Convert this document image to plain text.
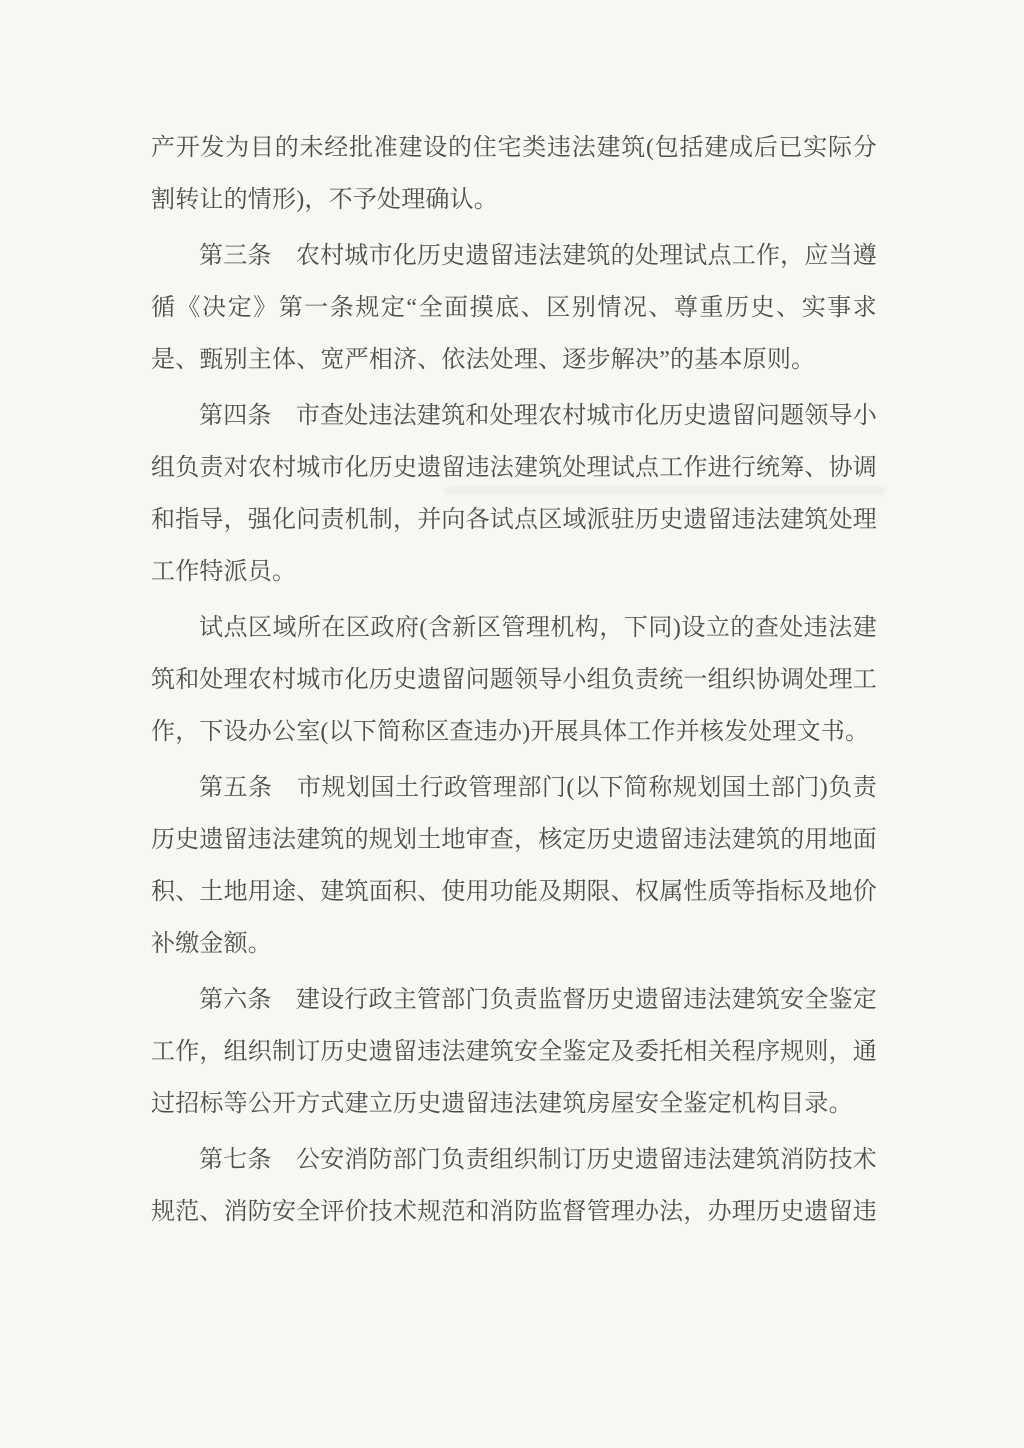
产开发为目的未经批准建设的住宅类违法建筑(包括建成后已实际分割转让的情形)，不予处理确认。

第三条　农村城市化历史遗留违法建筑的处理试点工作，应当遵循《决定》第一条规定“全面摸底、区别情况、尊重历史、实事求是、甄别主体、宽严相济、依法处理、逐步解决”的基本原则。

第四条　市查处违法建筑和处理农村城市化历史遗留问题领导小组负责对农村城市化历史遗留违法建筑处理试点工作进行统筹、协调和指导，强化问责机制，并向各试点区域派驻历史遗留违法建筑处理工作特派员。

试点区域所在区政府(含新区管理机构，下同)设立的查处违法建筑和处理农村城市化历史遗留问题领导小组负责统一组织协调处理工作，下设办公室(以下简称区查违办)开展具体工作并核发处理文书。

第五条　市规划国土行政管理部门(以下简称规划国土部门)负责历史遗留违法建筑的规划土地审查，核定历史遗留违法建筑的用地面积、土地用途、建筑面积、使用功能及期限、权属性质等指标及地价补缴金额。

第六条　建设行政主管部门负责监督历史遗留违法建筑安全鉴定工作，组织制订历史遗留违法建筑安全鉴定及委托相关程序规则，通过招标等公开方式建立历史遗留违法建筑房屋安全鉴定机构目录。

第七条　公安消防部门负责组织制订历史遗留违法建筑消防技术规范、消防安全评价技术规范和消防监督管理办法，办理历史遗留违
